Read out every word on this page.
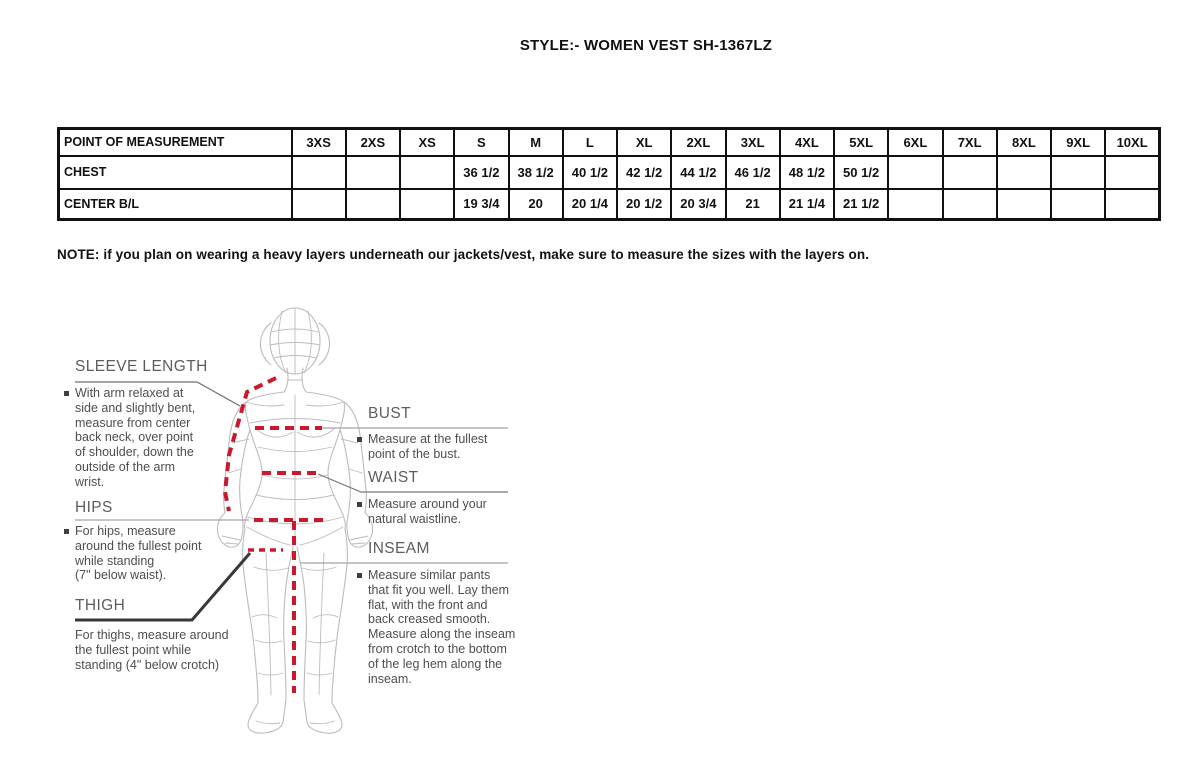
STYLE:- WOMEN VEST SH-1367LZ
POINT OF MEASUREMENT	3XS	2XS	XS	S	M	L	XL	2XL	3XL	4XL	5XL	6XL	7XL	8XL	9XL	10XL
CHEST				36 1/2	38 1/2	40 1/2	42 1/2	44 1/2	46 1/2	48 1/2	50 1/2					
CENTER B/L				19 3/4	20	20 1/4	20 1/2	20 3/4	21	21 1/4	21 1/2					
NOTE: if you plan on wearing a heavy layers underneath our jackets/vest, make sure to measure the sizes with the layers on.
SLEEVE LENGTH
With arm relaxed at
side and slightly bent,
measure from center
back neck, over point
of shoulder, down the
outside of the arm
wrist.
HIPS
For hips, measure
around the fullest point
while standing
(7" below waist).
THIGH
For thighs, measure around
the fullest point while
standing (4" below crotch)
BUST
Measure at the fullest
point of the bust.
WAIST
Measure around your
natural waistline.
INSEAM
Measure similar pants
that fit you well. Lay them
flat, with the front and
back creased smooth.
Measure along the inseam
from crotch to the bottom
of the leg hem along the
inseam.
